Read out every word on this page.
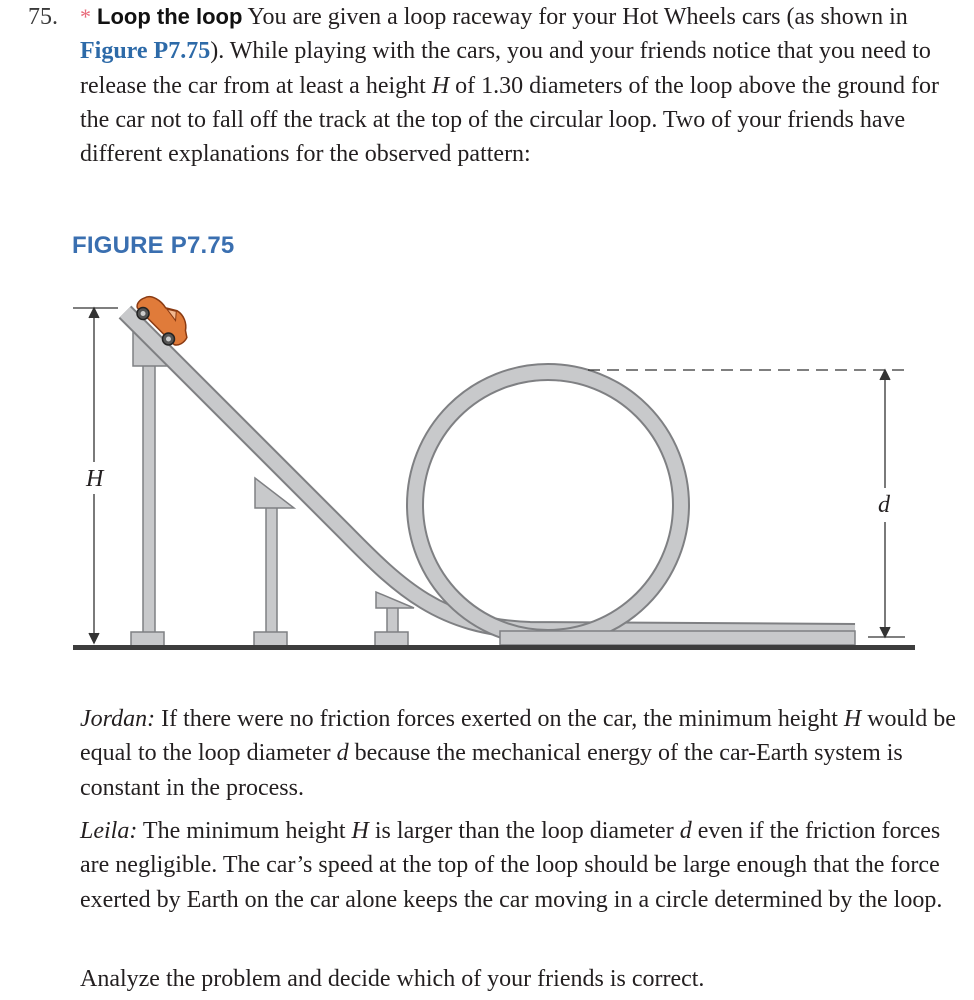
75. * Loop the loop You are given a loop raceway for your Hot Wheels cars (as shown in Figure P7.75). While playing with the cars, you and your friends notice that you need to release the car from at least a height H of 1.30 diameters of the loop above the ground for the car not to fall off the track at the top of the circular loop. Two of your friends have different explanations for the observed pattern:
FIGURE P7.75
H
d

Jordan: If there were no friction forces exerted on the car, the minimum height H would be equal to the loop diameter d because the mechanical energy of the car-Earth system is constant in the process.

Leila: The minimum height H is larger than the loop diameter d even if the friction forces are negligible. The car’s speed at the top of the loop should be large enough that the force exerted by Earth on the car alone keeps the car moving in a circle determined by the loop.

Analyze the problem and decide which of your friends is correct.
